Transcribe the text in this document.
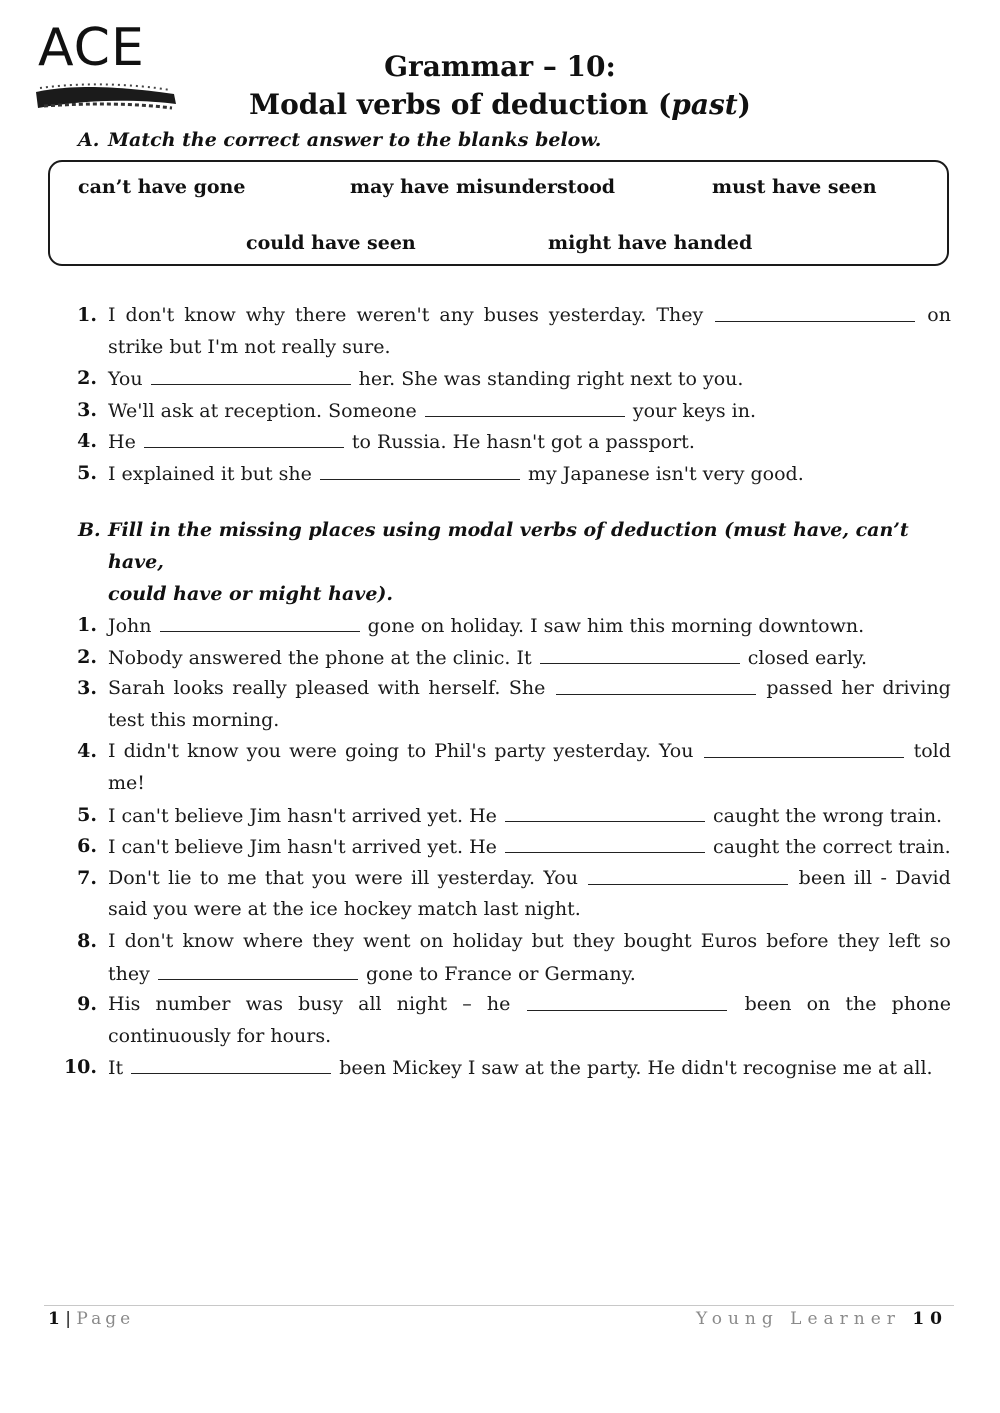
ACE	Grammar – 10:
Modal verbs of deduction (past)
A. Match the correct answer to the blanks below.
can’t have gone	may have misunderstood	must have seen
could have seen	might have handed
1. I don't know why there weren't any buses yesterday. They	on
strike but I'm not really sure.
2. You	her. She was standing right next to you.
3. We'll ask at reception. Someone	your keys in.
4. He	to Russia. He hasn't got a passport.
5. I explained it but she	my Japanese isn't very good.
B. Fill in the missing places using modal verbs of deduction (must have, can’t have,
could have or might have).
1. John	gone on holiday. I saw him this morning downtown.
2. Nobody answered the phone at the clinic. It	closed early.
3. Sarah looks really pleased with herself. She	passed her driving
test this morning.
4. I didn't know you were going to Phil's party yesterday. You	told
me!
5. I can't believe Jim hasn't arrived yet. He	caught the wrong train.
6. I can't believe Jim hasn't arrived yet. He	caught the correct train.
7. Don't lie to me that you were ill yesterday. You	been ill - David
said you were at the ice hockey match last night.
8. I don't know where they went on holiday but they bought Euros before they left so
they	gone to France or Germany.
9. His number was busy all night – he	been on the phone
continuously for hours.
10. It	been Mickey I saw at the party. He didn't recognise me at all.
1 | Page	Young Learner 10
